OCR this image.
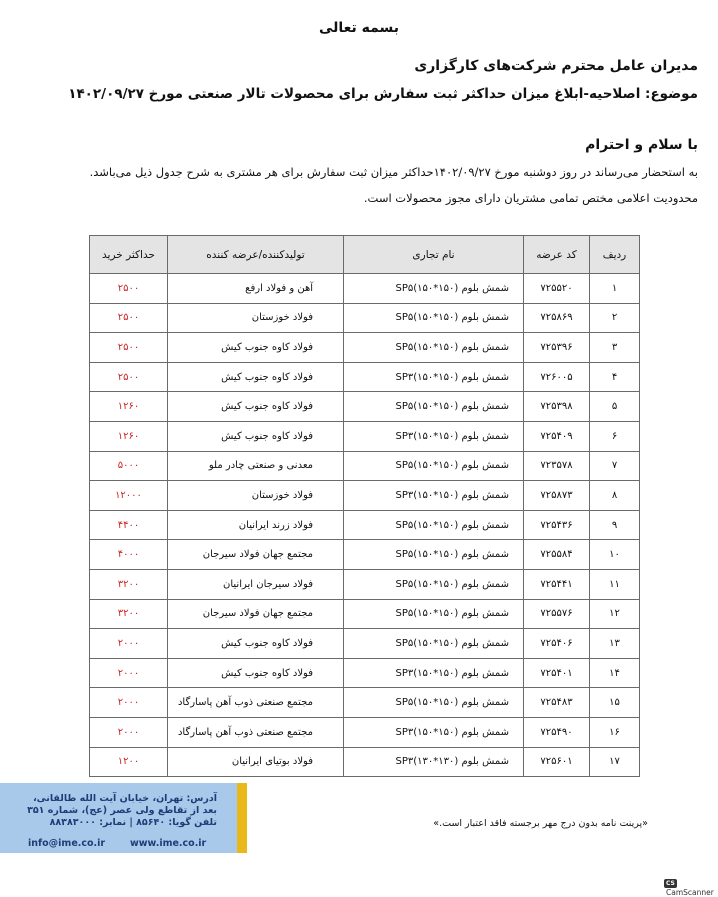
بسمه تعالی
مدیران عامل محترم شرکت‌های کارگزاری
موضوع: اصلاحیه-ابلاغ میزان حداکثر ثبت سفارش برای محصولات تالار صنعتی مورخ ۱۴۰۲/۰۹/۲۷
با سلام و احترام
به استحضار می‌رساند در روز دوشنبه مورخ ۱۴۰۲/۰۹/۲۷حداکثر میزان ثبت سفارش برای هر مشتری به شرح جدول ذیل می‌باشد.
محدودیت اعلامی مختص تمامی مشتریان دارای مجوز محصولات است.
ردیف	کد عرضه	نام تجاری	تولیدکننده/عرضه کننده	حداکثر خرید
۱	۷۲۵۵۲۰	شمش بلوم (۱۵۰*۱۵۰)SP۵	آهن و فولاد ارفع	۲۵۰۰
۲	۷۲۵۸۶۹	شمش بلوم (۱۵۰*۱۵۰)SP۵	فولاد خوزستان	۲۵۰۰
۳	۷۲۵۳۹۶	شمش بلوم (۱۵۰*۱۵۰)SP۵	فولاد کاوه جنوب کیش	۲۵۰۰
۴	۷۲۶۰۰۵	شمش بلوم (۱۵۰*۱۵۰)SP۳	فولاد کاوه جنوب کیش	۲۵۰۰
۵	۷۲۵۳۹۸	شمش بلوم (۱۵۰*۱۵۰)SP۵	فولاد کاوه جنوب کیش	۱۲۶۰
۶	۷۲۵۴۰۹	شمش بلوم (۱۵۰*۱۵۰)SP۳	فولاد کاوه جنوب کیش	۱۲۶۰
۷	۷۲۳۵۷۸	شمش بلوم (۱۵۰*۱۵۰)SP۵	معدنی و صنعتی چادر ملو	۵۰۰۰
۸	۷۲۵۸۷۳	شمش بلوم (۱۵۰*۱۵۰)SP۳	فولاد خوزستان	۱۲۰۰۰
۹	۷۲۵۴۳۶	شمش بلوم (۱۵۰*۱۵۰)SP۵	فولاد زرند ایرانیان	۴۴۰۰
۱۰	۷۲۵۵۸۴	شمش بلوم (۱۵۰*۱۵۰)SP۵	مجتمع جهان فولاد سیرجان	۴۰۰۰
۱۱	۷۲۵۴۴۱	شمش بلوم (۱۵۰*۱۵۰)SP۵	فولاد سیرجان ایرانیان	۳۲۰۰
۱۲	۷۲۵۵۷۶	شمش بلوم (۱۵۰*۱۵۰)SP۵	مجتمع جهان فولاد سیرجان	۳۲۰۰
۱۳	۷۲۵۴۰۶	شمش بلوم (۱۵۰*۱۵۰)SP۵	فولاد کاوه جنوب کیش	۲۰۰۰
۱۴	۷۲۵۴۰۱	شمش بلوم (۱۵۰*۱۵۰)SP۳	فولاد کاوه جنوب کیش	۲۰۰۰
۱۵	۷۲۵۴۸۳	شمش بلوم (۱۵۰*۱۵۰)SP۵	مجتمع صنعتی ذوب آهن پاسارگاد	۲۰۰۰
۱۶	۷۲۵۴۹۰	شمش بلوم (۱۵۰*۱۵۰)SP۳	مجتمع صنعتی ذوب آهن پاسارگاد	۲۰۰۰
۱۷	۷۲۵۶۰۱	شمش بلوم (۱۳۰*۱۳۰)SP۳	فولاد بوتیای ایرانیان	۱۲۰۰
آدرس: تهران، خیابان آیت الله طالقانی،
بعد از تقاطع ولی عصر (عج)، شماره ۳۵۱
تلفن گویا: ۸۵۶۴۰ | نمابر: ۸۸۳۸۳۰۰۰
info@ime.co.ir	www.ime.co.ir
«پرینت نامه بدون درج مهر برجسته فاقد اعتبار است.»
CSCamScanner
